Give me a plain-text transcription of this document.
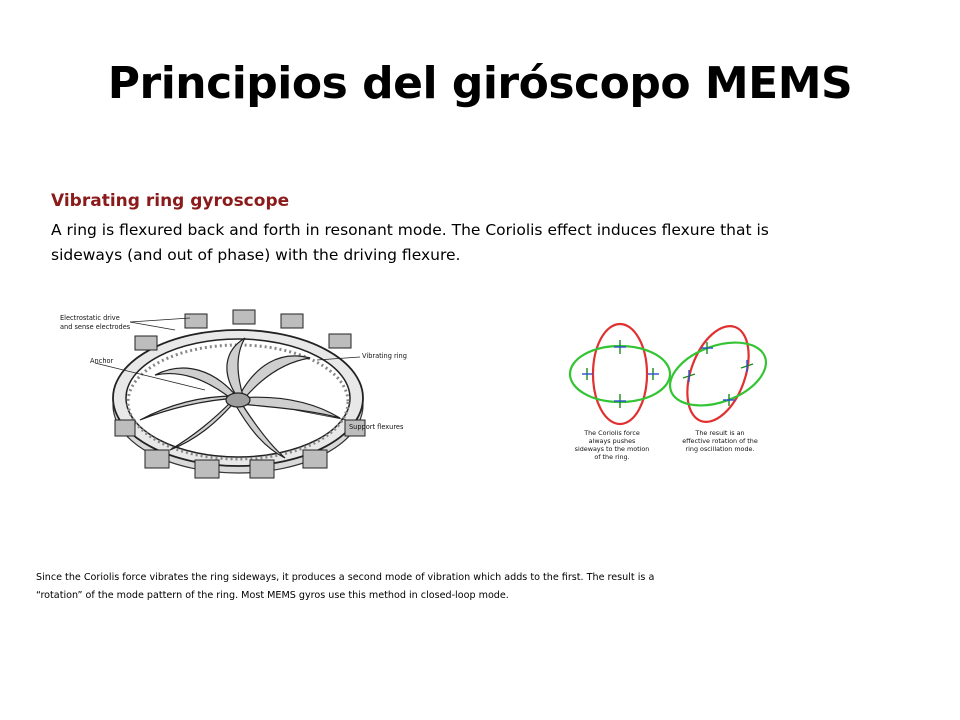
Principios del giróscopo MEMS
Vibrating ring gyroscope
A ring is flexured back and forth in resonant mode. The Coriolis effect induces flexure that is
sideways (and out of phase) with the driving flexure.
Electrostatic drive
and sense electrodes
Anchor
Vibrating ring
Support flexures
The Coriolis force
always pushes
sideways to the motion
of the ring.
The result is an
effective rotation of the
ring oscillation mode.
Since the Coriolis force vibrates the ring sideways, it produces a second mode of vibration which adds to the first. The result is a
“rotation” of the mode pattern of the ring. Most MEMS gyros use this method in closed-loop mode.
